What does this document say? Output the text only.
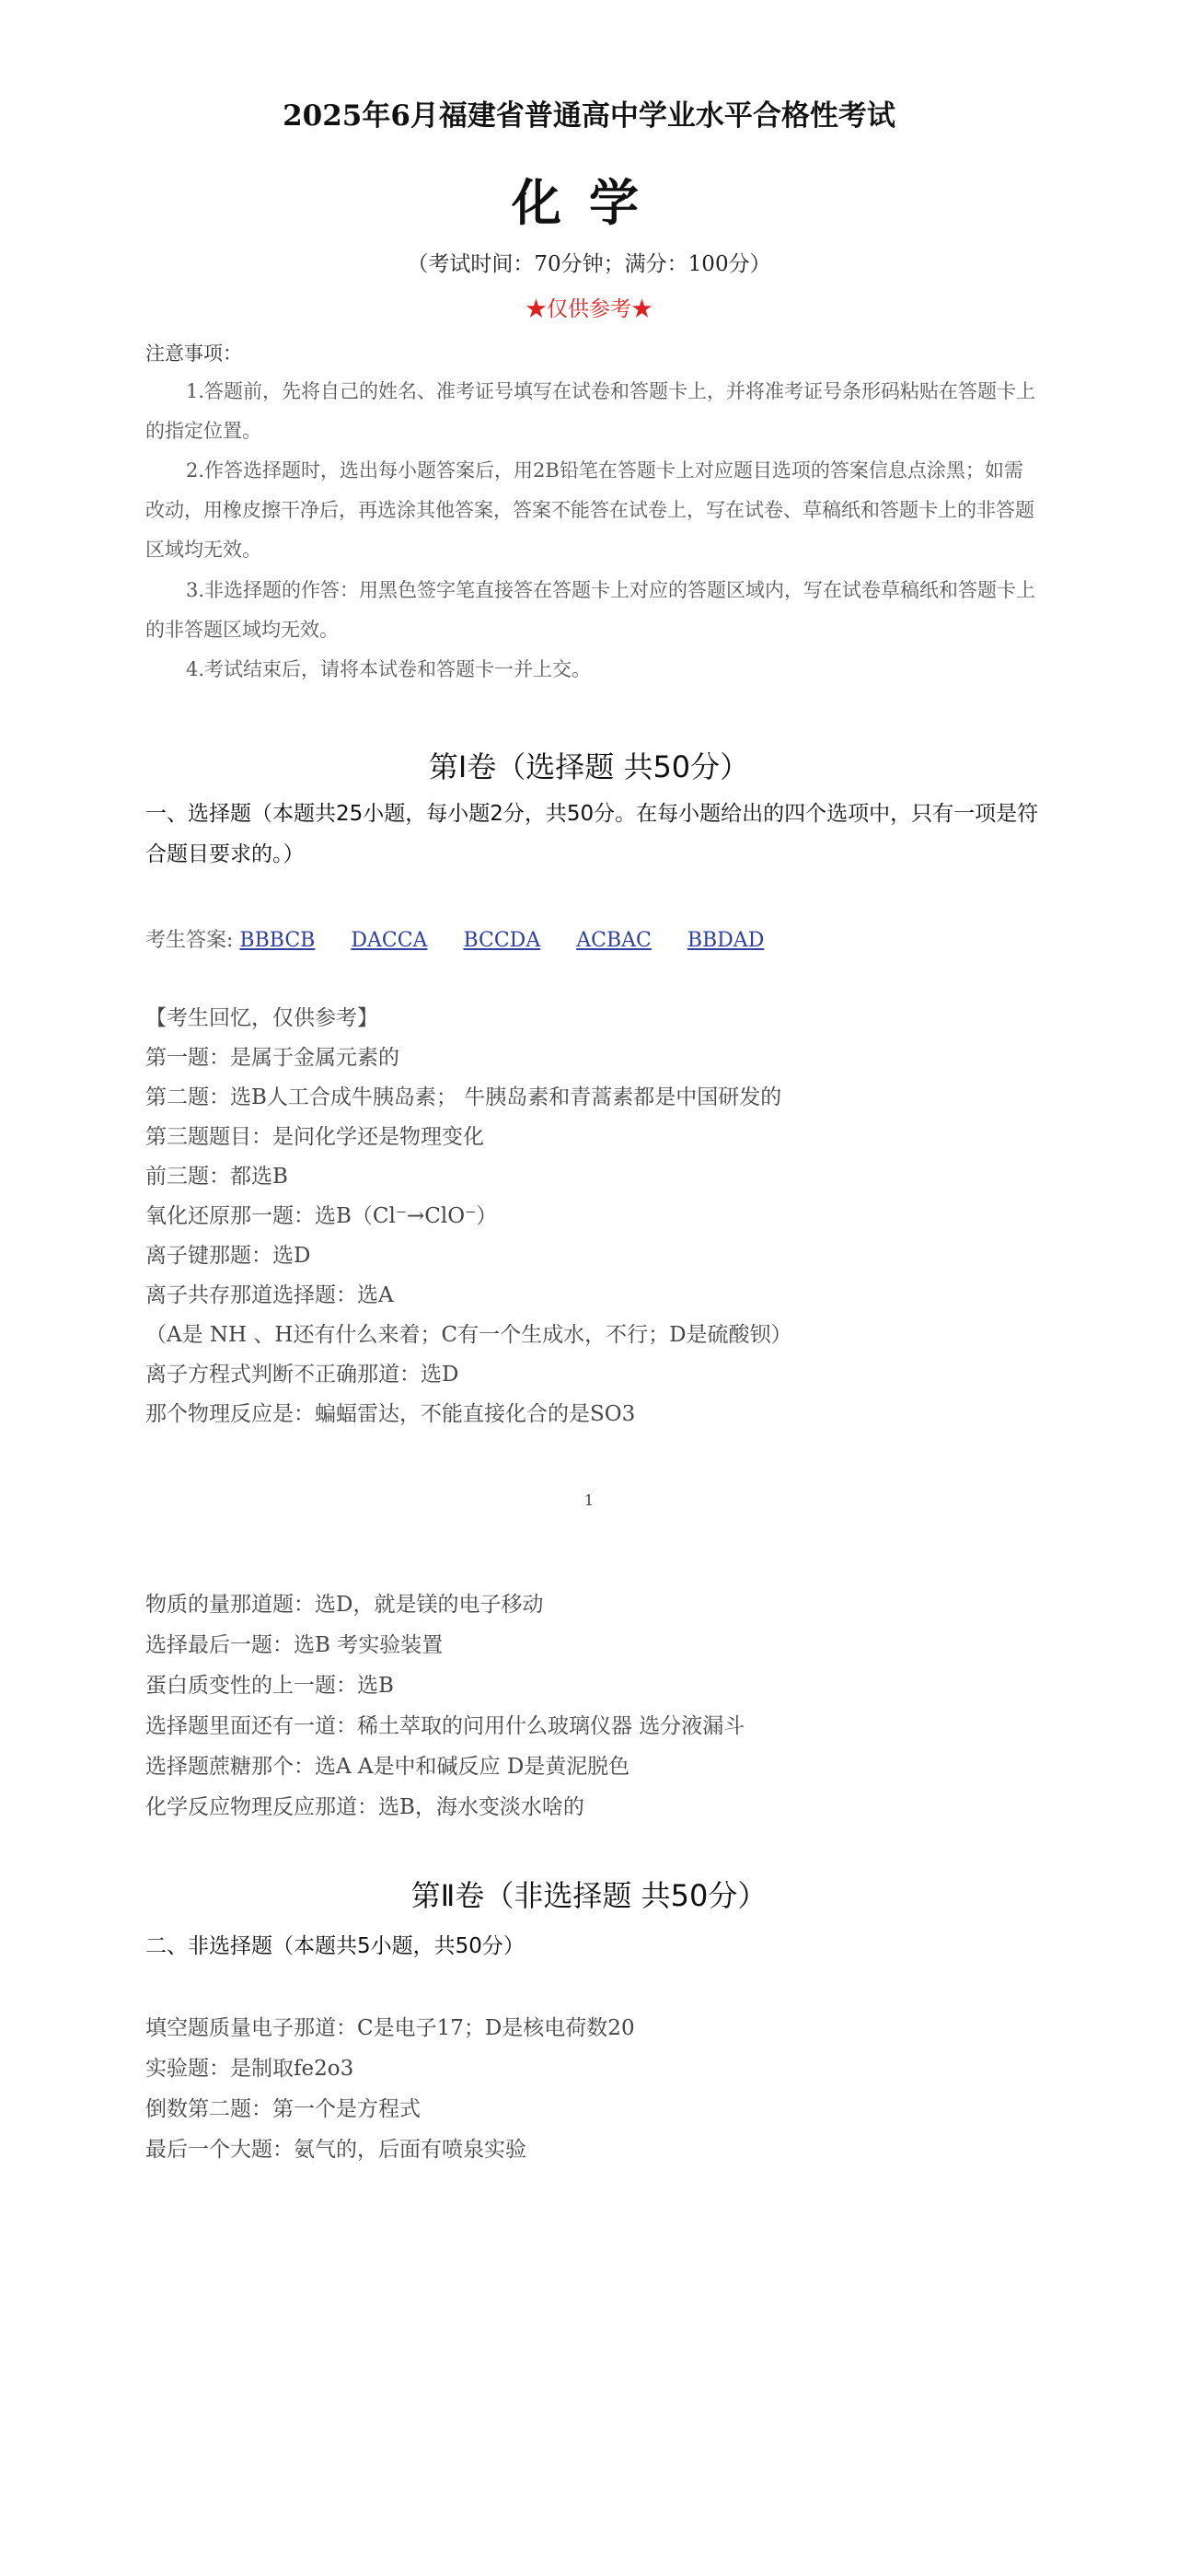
2025年6月福建省普通高中学业水平合格性考试
化学
（考试时间：70分钟；满分：100分）
★仅供参考★
注意事项：
1.答题前，先将自己的姓名、准考证号填写在试卷和答题卡上，并将准考证号条形码粘贴在答题卡上的指定位置。
2.作答选择题时，选出每小题答案后，用2B铅笔在答题卡上对应题目选项的答案信息点涂黑；如需改动，用橡皮擦干净后，再选涂其他答案，答案不能答在试卷上，写在试卷、草稿纸和答题卡上的非答题区域均无效。
3.非选择题的作答：用黑色签字笔直接答在答题卡上对应的答题区域内，写在试卷草稿纸和答题卡上的非答题区域均无效。
4.考试结束后，请将本试卷和答题卡一并上交。
第Ⅰ卷（选择题 共50分）
一、选择题（本题共25小题，每小题2分，共50分。在每小题给出的四个选项中，只有一项是符合题目要求的。）
考生答案: BBBCB DACCA BCCDA ACBAC BBDAD
【考生回忆，仅供参考】
第一题：是属于金属元素的
第二题：选B人工合成牛胰岛素； 牛胰岛素和青蒿素都是中国研发的
第三题题目：是问化学还是物理变化
前三题：都选B
氧化还原那一题：选B（Cl⁻→ClO⁻）
离子键那题：选D
离子共存那道选择题：选A
（A是 NH 、H还有什么来着；C有一个生成水，不行；D是硫酸钡）
离子方程式判断不正确那道：选D
那个物理反应是：蝙蝠雷达，不能直接化合的是SO3
1
物质的量那道题：选D，就是镁的电子移动
选择最后一题：选B 考实验装置
蛋白质变性的上一题：选B
选择题里面还有一道：稀土萃取的问用什么玻璃仪器 选分液漏斗
选择题蔗糖那个：选A A是中和碱反应 D是黄泥脱色
化学反应物理反应那道：选B，海水变淡水啥的
第Ⅱ卷（非选择题 共50分）
二、非选择题（本题共5小题，共50分）
填空题质量电子那道：C是电子17；D是核电荷数20
实验题：是制取fe2o3
倒数第二题：第一个是方程式
最后一个大题：氨气的，后面有喷泉实验
